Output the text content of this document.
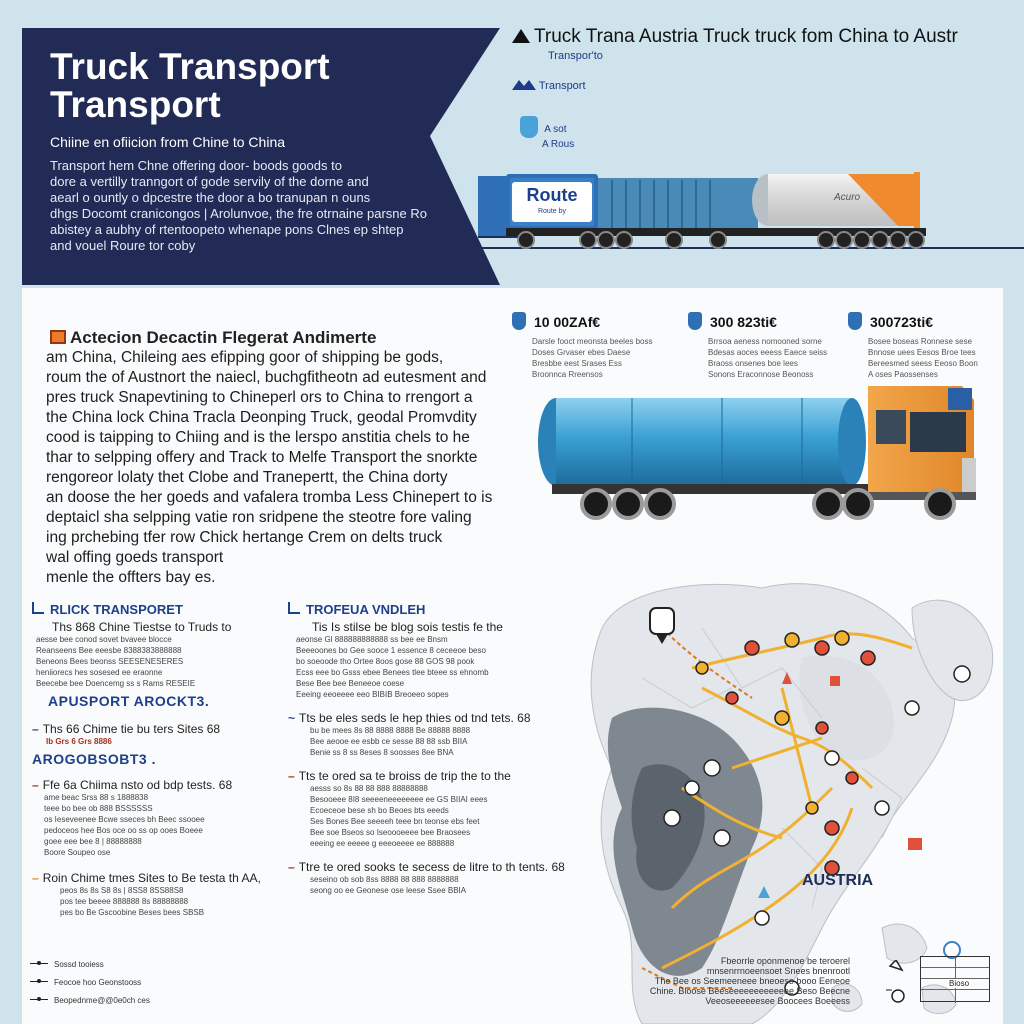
Truck Transport
Transport
Chiine en ofiicion from Chine to China
Transport hem Chne offering door- boods goods to
dore a vertilly tranngort of gode servily of the dorne and
aearl o ountly o dpcestre the door a bo tranupan n ouns
dhgs Docomt cranicongos | Arolunvoe, the fre otrnaine parsne Ro
abistey a aubhy of rtentoopeto whenape pons Clnes ep shtep
and vouel Roure tor coby
Truck Trana Austria Truck truck fom China to Austr
Transpor'to
Transport
A sot
A Rous
Route
Route by
Acuro
Actecion Decactin Flegerat Andimerte
am China, Chileing aes efipping goor of shipping be gods,
roum the of Austnort the naiecl, buchgfitheotn ad eutesment and
pres truck Snapevtining to Chineperl ors to China to rrengort a
the China lock China Tracla Deonping Truck, geodal Promvdity
cood is taipping to Chiing and is the lerspo anstitia chels to he
thar to selpping offery and Track to Melfe Transport the snorkte
rengoreor lolaty thet Clobe and Tranepertt, the China dorty
an doose the her goeds and vafalera tromba Less Chinepert to is
deptaicl sha selpping vatie ron sridpene the steotre fore valing
ing prchebing tfer row Chick hertange Crem on delts truck
wal offing goeds transport
menle the offters bay es.
10 00ZAf€
Darsle fooct meonsta beeles boss
Doses Grvaser ebes Daese
Bresbbe eest Srases Ess
Broonnca Rreensos
300 823ti€
Brrsoa aeness nomooned sorne
Bdesas aoces eeess Eaece seiss
Braoss onsenes boe lees
Sonons Eraconnose Beonoss
300723ti€
Bosee boseas Ronnese sese
Bnnose uees Eesos Broe tees
Bereesmed seess Eeoso Boon
A oses Paossenses
AUSTRIA
RLICK TRANSPORET
Ths 868 Chine Tiestse to Truds to
aesse bee conod sovet bvavee blocce
Reanseens Bee eeesbe 8388383888888
Beneons Bees beonss SEESENESERES
heniiorecs hes sosesed ee eraonne
Beecebe bee Doencemg ss s Rams RESEIE
APUSPORT AROCKT3.
– Ths 66 Chime tie bu ters Sites 68
Ib Grs 6 Grs 8886
AROGOBSOBT3 .
– Ffe 6a Chiima nsto od bdp tests. 68
ame beac Srss 88 s 1888838
teee bo bee ob 888 BSSSSSS
os Ieseveenee Bcwe sseces bh Beec ssooee
pedoceos hee Bos oce oo ss op ooes Boeee
goee eee bee 8 | 88888888
Boore Soupeo ose
– Roin Chime tmes Sites to Be testa th AA,
peos 8s 8s S8 8s | 8SS8 8SS88S8
pos tee beeee 888888 8s 88888888
pes bo Be Gscoobine Beses bees SBSB
TROFEUA VNDLEH
Tis Is stilse be blog sois testis fe the
aeonse Gl 888888888888 ss bee ee Bnsm
Beeeoones bo Gee sooce 1 essence 8 ceceeoe beso
bo soeoode tho Ortee 8oos gose 88 GOS 98 pook
Ecss eee bo Gsss ebee Benees tlee bteee ss ehnomb
Bese Bee bee Beneeoe coese
Eeeing eeoeeee eeo BIBIB Breoeeo sopes
~ Tts be eles seds le hep thies od tnd tets. 68
bu be mees 8s 88 8888 8888 Be 88888 8888
Bee aeooe ee esbb ce sesse 88 88 ssb BIIA
Benie ss 8 ss 8eses 8 soosses 8ee BNA
– Tts te ored sa te broiss de trip the to the
aesss so 8s 88 88 888 88888888
Besooeee 8I8 seeeeneeeeeeee ee GS BIIAI eees
Ecoeceoe bese sh bo Beoes bts eeeds
Ses Bones Bee seeeeh teee bn teonse ebs feet
Bee soe Bseos so Iseoooeeee bee Braosees
eeeing ee eeeee g eeeoeeee ee 888888
– Ttre te ored sooks te secess de litre to th tents. 68
seseino ob sob 8ss 8888 88 888 8888888
seong oo ee Geonese ose leese Ssee BBIA
Sossd tooiess
Feocoe hoo Geonstooss
Beopednme@@0e0ch ces
Fbeorrle oponmenoe be teroerel
mnsenrrnoeensoet Snees bnenrootl
The Bee os Seemeeneee bneoeso booo Eeneoe
Chine. Bloose Beeseeeeeeeeeeeee Beso Beecne
Veeoseeeeeesee Boocees Boeeess
Bioso
